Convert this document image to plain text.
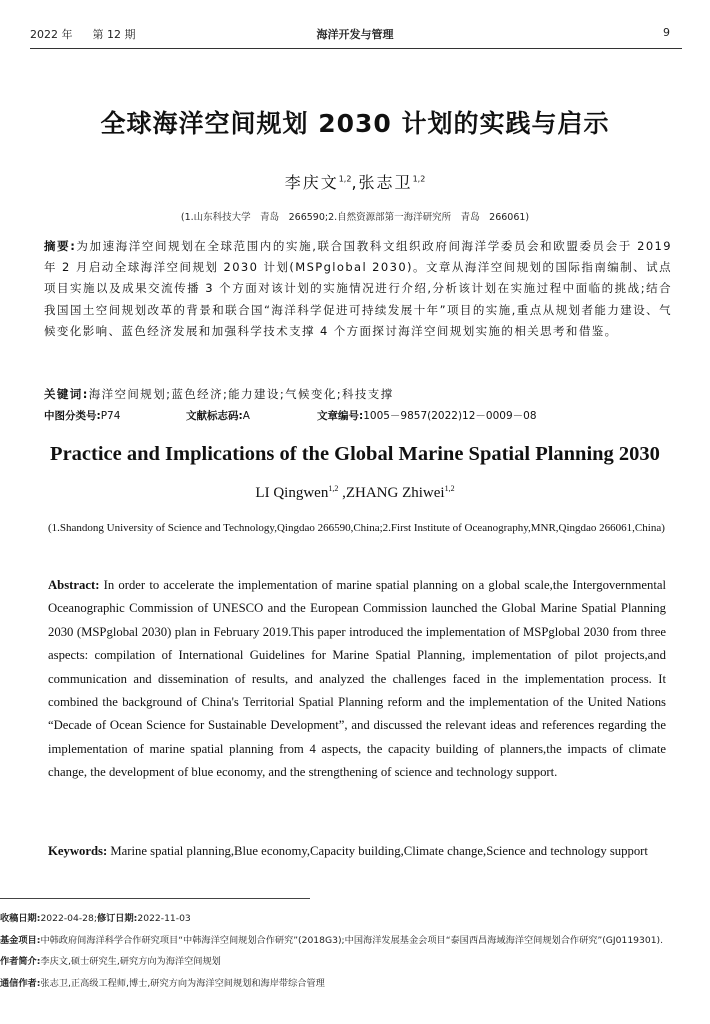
2022 年 第 12 期	海洋开发与管理	9
全球海洋空间规划 2030 计划的实践与启示
李庆文$^{1,2}$,张志卫$^{1,2}$
(1.山东科技大学　青岛　266590;2.自然资源部第一海洋研究所　青岛　266061)
摘要:为加速海洋空间规划在全球范围内的实施,联合国教科文组织政府间海洋学委员会和欧盟委员会于 2019 年 2 月启动全球海洋空间规划 2030 计划(MSPglobal 2030)。文章从海洋空间规划的国际指南编制、试点项目实施以及成果交流传播 3 个方面对该计划的实施情况进行介绍,分析该计划在实施过程中面临的挑战;结合我国国土空间规划改革的背景和联合国“海洋科学促进可持续发展十年”项目的实施,重点从规划者能力建设、气候变化影响、蓝色经济发展和加强科学技术支撑 4 个方面探讨海洋空间规划实施的相关思考和借鉴。
关键词:海洋空间规划;蓝色经济;能力建设;气候变化;科技支撑
中图分类号:P74	文献标志码:A	文章编号:1005－9857(2022)12－0009－08
Practice and Implications of the Global Marine Spatial Planning 2030
LI Qingwen$^{1,2}$ ,ZHANG Zhiwei$^{1,2}$
(1.Shandong University of Science and Technology,Qingdao 266590,China;2.First Institute of Oceanography,MNR,Qingdao 266061,China)
Abstract: In order to accelerate the implementation of marine spatial planning on a global scale,the Intergovernmental Oceanographic Commission of UNESCO and the European Commission launched the Global Marine Spatial Planning 2030 (MSPglobal 2030) plan in February 2019.This paper introduced the implementation of MSPglobal 2030 from three aspects: compilation of International Guidelines for Marine Spatial Planning, implementation of pilot projects,and communication and dissemination of results, and analyzed the challenges faced in the implementation process. It combined the background of China's Territorial Spatial Planning reform and the implementation of the United Nations “Decade of Ocean Science for Sustainable Development”, and discussed the relevant ideas and references regarding the implementation of marine spatial planning from 4 aspects, the capacity building of planners,the impacts of climate change, the development of blue economy, and the strengthening of science and technology support.
Keywords: Marine spatial planning,Blue economy,Capacity building,Climate change,Science and technology support

收稿日期:2022-04-28;修订日期:2022-11-03

基金项目:中韩政府间海洋科学合作研究项目“中韩海洋空间规划合作研究”(2018G3);中国海洋发展基金会项目“泰国西昌海域海洋空间规划合作研究”(GJ0119301).

作者简介:李庆文,硕士研究生,研究方向为海洋空间规划

通信作者:张志卫,正高级工程师,博士,研究方向为海洋空间规划和海岸带综合管理
